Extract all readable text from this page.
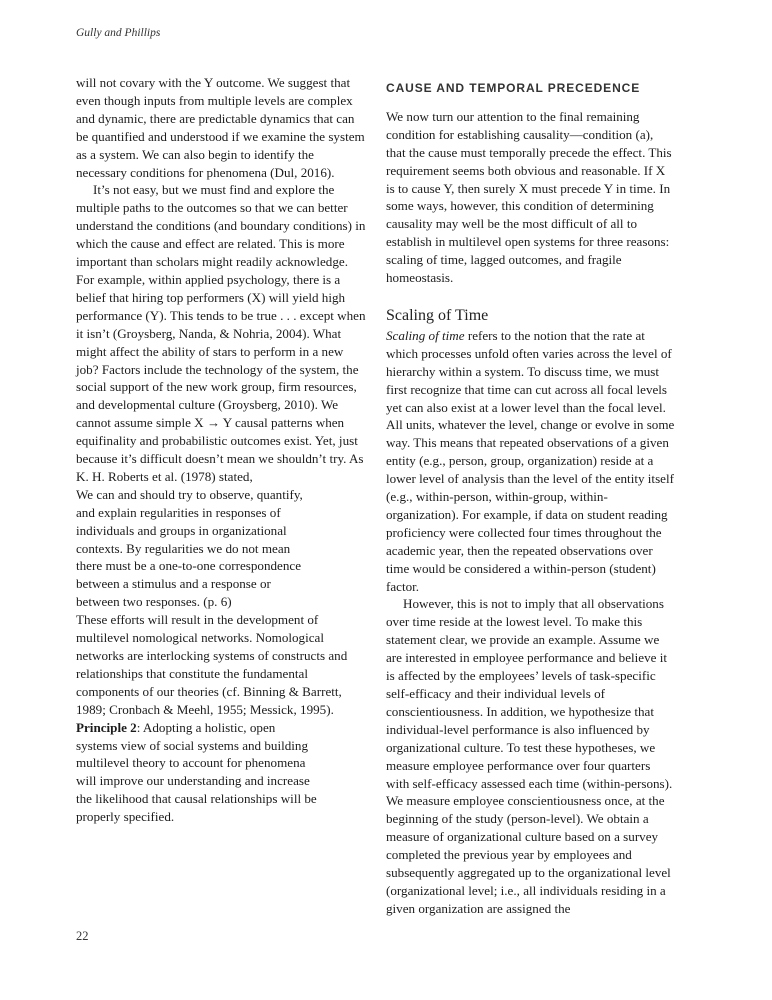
Gully and Phillips

will not covary with the Y outcome. We suggest that even though inputs from multiple levels are complex and dynamic, there are predictable dynamics that can be quantified and understood if we examine the system as a system. We can also begin to identify the necessary conditions for phenomena (Dul, 2016).

It’s not easy, but we must find and explore the multiple paths to the outcomes so that we can better understand the conditions (and boundary conditions) in which the cause and effect are related. This is more important than scholars might readily acknowledge. For example, within applied psychology, there is a belief that hiring top performers (X) will yield high performance (Y). This tends to be true . . . except when it isn’t (Groysberg, Nanda, & Nohria, 2004). What might affect the ability of stars to perform in a new job? Factors include the technology of the system, the social support of the new work group, firm resources, and developmental culture (Groysberg, 2010). We cannot assume simple X → Y causal patterns when equifinality and probabilistic outcomes exist. Yet, just because it’s difficult doesn’t mean we shouldn’t try. As K. H. Roberts et al. (1978) stated,

We can and should try to observe, quantify, and explain regularities in responses of individuals and groups in organizational contexts. By regularities we do not mean there must be a one-to-one correspondence between a stimulus and a response or between two responses. (p. 6)

These efforts will result in the development of multilevel nomological networks. Nomological networks are interlocking systems of constructs and relationships that constitute the fundamental components of our theories (cf. Binning & Barrett, 1989; Cronbach & Meehl, 1955; Messick, 1995).

Principle 2: Adopting a holistic, open systems view of social systems and building multilevel theory to account for phenomena will improve our understanding and increase the likelihood that causal relationships will be properly specified.

CAUSE AND TEMPORAL PRECEDENCE

We now turn our attention to the final remaining condition for establishing causality—condition (a), that the cause must temporally precede the effect. This requirement seems both obvious and reasonable. If X is to cause Y, then surely X must precede Y in time. In some ways, however, this condition of determining causality may well be the most difficult of all to establish in multilevel open systems for three reasons: scaling of time, lagged outcomes, and fragile homeostasis.

Scaling of Time

Scaling of time refers to the notion that the rate at which processes unfold often varies across the level of hierarchy within a system. To discuss time, we must first recognize that time can cut across all focal levels yet can also exist at a lower level than the focal level. All units, whatever the level, change or evolve in some way. This means that repeated observations of a given entity (e.g., person, group, organization) reside at a lower level of analysis than the level of the entity itself (e.g., within-person, within-group, within-organization). For example, if data on student reading proficiency were collected four times throughout the academic year, then the repeated observations over time would be considered a within-person (student) factor.

However, this is not to imply that all observations over time reside at the lowest level. To make this statement clear, we provide an example. Assume we are interested in employee performance and believe it is affected by the employees’ levels of task-specific self-efficacy and their individual levels of conscientiousness. In addition, we hypothesize that individual-level performance is also influenced by organizational culture. To test these hypotheses, we measure employee performance over four quarters with self-efficacy assessed each time (within-persons). We measure employee conscientiousness once, at the beginning of the study (person-level). We obtain a measure of organizational culture based on a survey completed the previous year by employees and subsequently aggregated up to the organizational level (organizational level; i.e., all individuals residing in a given organization are assigned the

22
